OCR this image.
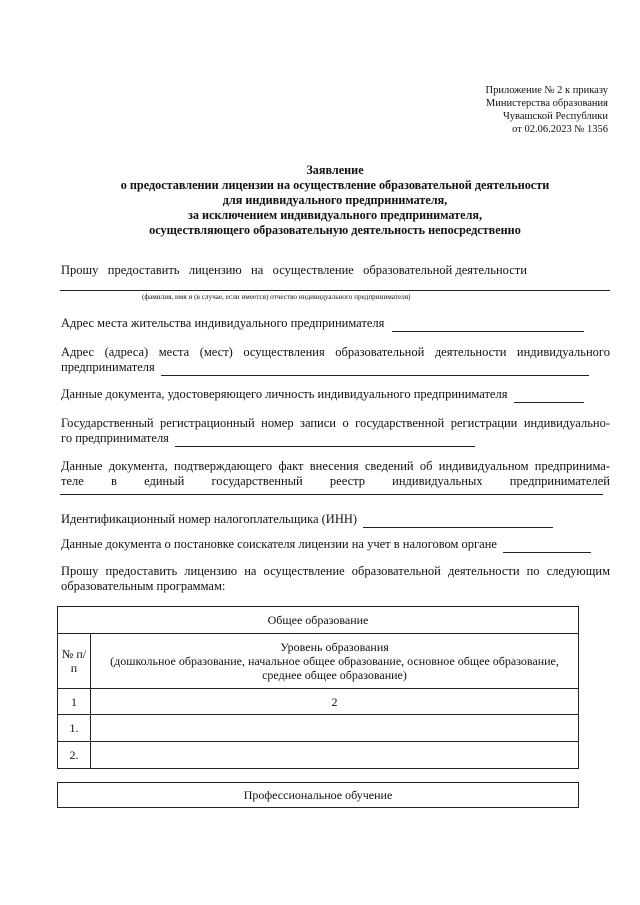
Приложение № 2 к приказу
Министерства образования
Чувашской Республики
от 02.06.2023 № 1356
Заявление
о предоставлении лицензии на осуществление образовательной деятельности
для индивидуального предпринимателя,
за исключением индивидуального предпринимателя,
осуществляющего образовательную деятельность непосредственно
Прошу   предоставить   лицензию   на   осуществление   образовательной деятельности
(фамилия, имя и (в случае, если имеется) отчество индивидуального предпринимателя)
Адрес места жительства индивидуального предпринимателя
Адрес (адреса) места (мест) осуществления образовательной деятельности индивидуального
предпринимателя
Данные документа, удостоверяющего личность индивидуального предпринимателя
Государственный регистрационный номер записи о государственной регистрации индивидуально-
го предпринимателя
Данные документа, подтверждающего факт внесения сведений об индивидуальном предпринима-
теле в единый государственный реестр индивидуальных предпринимателей
Идентификационный номер налогоплательщика (ИНН)
Данные документа о постановке соискателя лицензии на учет в налоговом органе
Прошу предоставить лицензию на осуществление образовательной деятельности по следующим
образовательным программам:
Общее образование	
№ п/п	Уровень образования
(дошкольное образование, начальное общее образование, основное общее образование, среднее общее образование)

1	2
1.	
2.	
Профессиональное обучение
